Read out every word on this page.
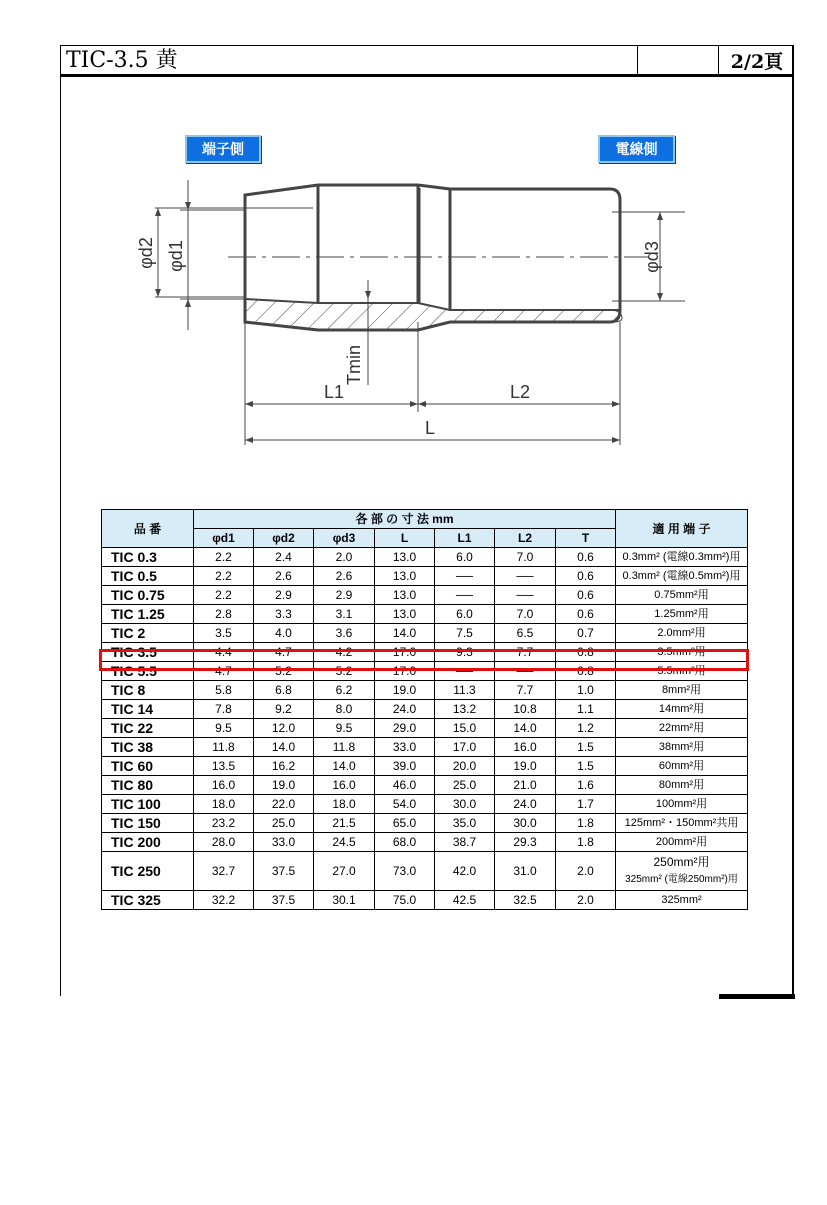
TIC-3.5 黄	2/2頁
端子側	電線側
φd2 φd1	φd3
Tmin
L1	L2
L
品 番	各 部 の 寸 法 mm							適 用 端 子
	φd1	φd2	φd3	L	L1	L2	T	
TIC 0.3	2.2	2.4	2.0	13.0	6.0	7.0	0.6	0.3mm² (電線0.3mm²)用
TIC 0.5	2.2	2.6	2.6	13.0	──	──	0.6	0.3mm² (電線0.5mm²)用
TIC 0.75	2.2	2.9	2.9	13.0	──	──	0.6	0.75mm²用
TIC 1.25	2.8	3.3	3.1	13.0	6.0	7.0	0.6	1.25mm²用
TIC 2	3.5	4.0	3.6	14.0	7.5	6.5	0.7	2.0mm²用
TIC 3.5	4.4	4.7	4.2	17.0	9.3	7.7	0.8	3.5mm²用
TIC 5.5	4.7	5.2	5.2	17.0	──	──	0.8	5.5mm²用
TIC 8	5.8	6.8	6.2	19.0	11.3	7.7	1.0	8mm²用
TIC 14	7.8	9.2	8.0	24.0	13.2	10.8	1.1	14mm²用
TIC 22	9.5	12.0	9.5	29.0	15.0	14.0	1.2	22mm²用
TIC 38	11.8	14.0	11.8	33.0	17.0	16.0	1.5	38mm²用
TIC 60	13.5	16.2	14.0	39.0	20.0	19.0	1.5	60mm²用
TIC 80	16.0	19.0	16.0	46.0	25.0	21.0	1.6	80mm²用
TIC 100	18.0	22.0	18.0	54.0	30.0	24.0	1.7	100mm²用
TIC 150	23.2	25.0	21.5	65.0	35.0	30.0	1.8	125mm²・150mm²共用
TIC 200	28.0	33.0	24.5	68.0	38.7	29.3	1.8	200mm²用
TIC 250	32.7	37.5	27.0	73.0	42.0	31.0	2.0	250mm²用
325mm² (電線250mm²)用

TIC 325	32.2	37.5	30.1	75.0	42.5	32.5	2.0	325mm²
